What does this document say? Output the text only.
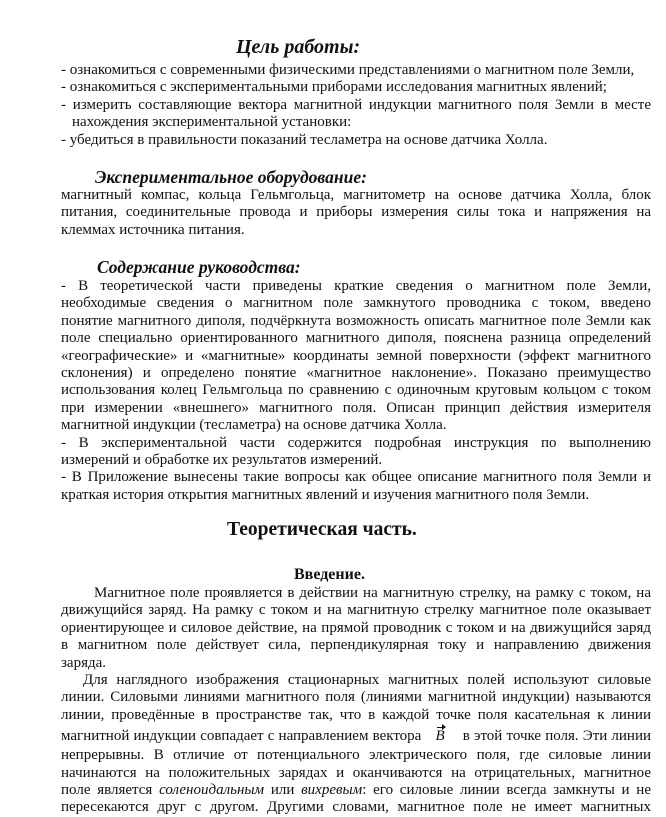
Цель работы:
- ознакомиться с современными физическими представлениями о магнитном поле Земли,
- ознакомиться с экспериментальными приборами исследования магнитных явлений;
- измерить составляющие вектора магнитной индукции магнитного поля Земли в месте
нахождения экспериментальной установки:
- убедиться в правильности показаний тесламетра на основе датчика Холла.
Экспериментальное оборудование:
магнитный компас, кольца Гельмгольца, магнитометр на основе датчика Холла, блок
питания, соединительные провода и приборы измерения силы тока и напряжения на
клеммах источника питания.
Содержание руководства:
- В теоретической части приведены краткие сведения о магнитном поле Земли,
необходимые сведения о магнитном поле замкнутого проводника с током, введено
понятие магнитного диполя, подчёркнута возможность описать магнитное поле Земли как
поле специально ориентированного магнитного диполя, пояснена разница определений
«географические» и «магнитные» координаты земной поверхности (эффект магнитного
склонения) и определено понятие «магнитное наклонение». Показано преимущество
использования колец Гельмгольца по сравнению с одиночным круговым кольцом с током
при измерении «внешнего» магнитного поля. Описан принцип действия измерителя
магнитной индукции (тесламетра) на основе датчика Холла.
- В экспериментальной части содержится подробная инструкция по выполнению
измерений и обработке их результатов измерений.
- В Приложение вынесены такие вопросы как общее описание магнитного поля Земли и
краткая история открытия магнитных явлений и изучения магнитного поля Земли.
Теоретическая часть.
Введение.
Магнитное поле проявляется в действии на магнитную стрелку, на рамку с током, на
движущийся заряд. На рамку с током и на магнитную стрелку магнитное поле оказывает
ориентирующее и силовое действие, на прямой проводник с током и на движущийся заряд
в магнитном поле действует сила, перпендикулярная току и направлению движения
заряда.
Для наглядного изображения стационарных магнитных полей используют силовые
линии. Силовыми линиями магнитного поля (линиями магнитной индукции) называются
линии, проведённые в пространстве так, что в каждой точке поля касательная к линии
магнитной индукции совпадает с направлением вектора B в этой точке поля. Эти линии
непрерывны. В отличие от потенциального электрического поля, где силовые линии
начинаются на положительных зарядах и оканчиваются на отрицательных, магнитное
поле является соленоидальным или вихревым: его силовые линии всегда замкнуты и не
пересекаются друг с другом. Другими словами, магнитное поле не имеет магнитных
